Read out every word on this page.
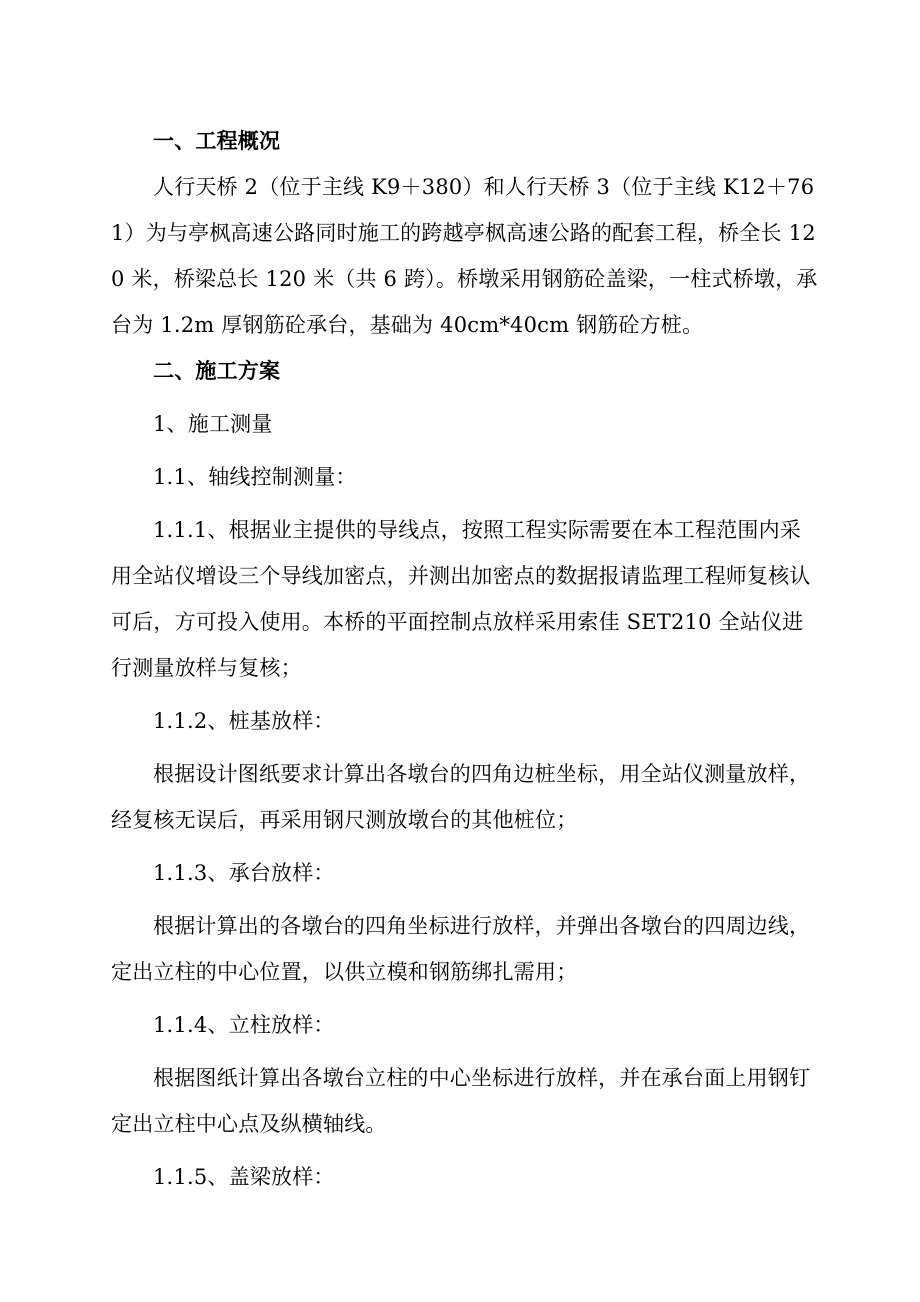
一、工程概况

人行天桥 2（位于主线 K9＋380）和人行天桥 3（位于主线 K12＋761）为与亭枫高速公路同时施工的跨越亭枫高速公路的配套工程，桥全长 120 米，桥梁总长 120 米（共 6 跨）。桥墩采用钢筋砼盖梁，一柱式桥墩，承台为 1.2m 厚钢筋砼承台，基础为 40cm*40cm 钢筋砼方桩。

二、施工方案

1、施工测量

1.1、轴线控制测量：

1.1.1、根据业主提供的导线点，按照工程实际需要在本工程范围内采用全站仪增设三个导线加密点，并测出加密点的数据报请监理工程师复核认可后，方可投入使用。本桥的平面控制点放样采用索佳 SET210 全站仪进行测量放样与复核；

1.1.2、桩基放样：

根据设计图纸要求计算出各墩台的四角边桩坐标，用全站仪测量放样，经复核无误后，再采用钢尺测放墩台的其他桩位；

1.1.3、承台放样：

根据计算出的各墩台的四角坐标进行放样，并弹出各墩台的四周边线，定出立柱的中心位置，以供立模和钢筋绑扎需用；

1.1.4、立柱放样：

根据图纸计算出各墩台立柱的中心坐标进行放样，并在承台面上用钢钉定出立柱中心点及纵横轴线。

1.1.5、盖梁放样：
